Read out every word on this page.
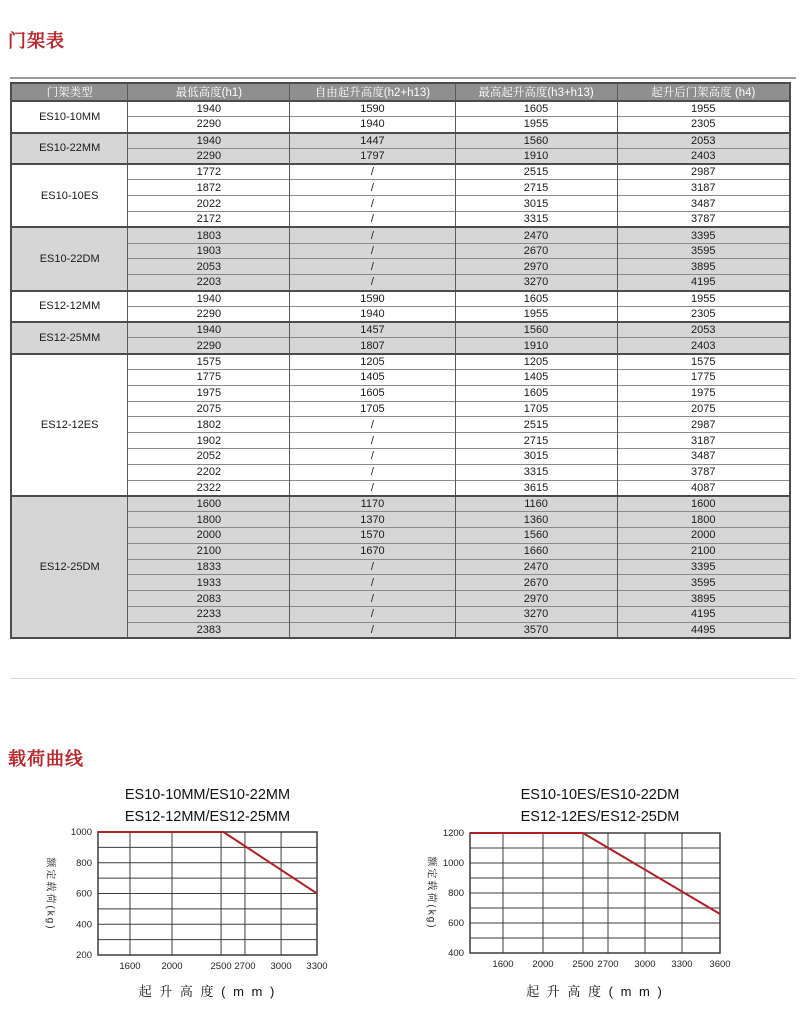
门架表
门架类型	最低高度(h1)	自由起升高度(h2+h13)	最高起升高度(h3+h13)	起升后门架高度 (h4)
ES10-10MM	1940	1590	1605	1955
	2290	1940	1955	2305
ES10-22MM	1940	1447	1560	2053
	2290	1797	1910	2403
ES10-10ES	1772	/	2515	2987
	1872	/	2715	3187
	2022	/	3015	3487
	2172	/	3315	3787
ES10-22DM	1803	/	2470	3395
	1903	/	2670	3595
	2053	/	2970	3895
	2203	/	3270	4195
ES12-12MM	1940	1590	1605	1955
	2290	1940	1955	2305
ES12-25MM	1940	1457	1560	2053
	2290	1807	1910	2403
ES12-12ES	1575	1205	1205	1575
	1775	1405	1405	1775
	1975	1605	1605	1975
	2075	1705	1705	2075
	1802	/	2515	2987
	1902	/	2715	3187
	2052	/	3015	3487
	2202	/	3315	3787
	2322	/	3615	4087
ES12-25DM	1600	1170	1160	1600
	1800	1370	1360	1800
	2000	1570	1560	2000
	2100	1670	1660	2100
	1833	/	2470	3395
	1933	/	2670	3595
	2083	/	2970	3895
	2233	/	3270	4195
	2383	/	3570	4495
载荷曲线
ES10-10MM/ES10-22MM
ES12-12MM/ES12-25MM
额定载荷(kg)
1000
800
600
400
200
1600 2000	2500 2700 3000 3300
起 升 高 度 ( m m )
ES10-10ES/ES10-22DM
ES12-12ES/ES12-25DM
额定载荷(kg)
1200
1000
800
600
400
1600 2000 2500 2700 3000 3300 3600
起 升 高 度 ( m m )
